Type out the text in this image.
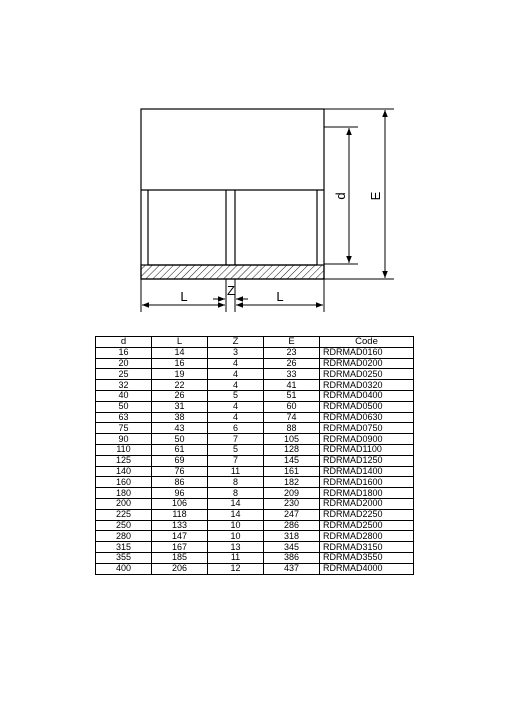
d E
L	Z	L
d	L	Z	E	Code
16	14	3	23	RDRMAD0160
20	16	4	26	RDRMAD0200
25	19	4	33	RDRMAD0250
32	22	4	41	RDRMAD0320
40	26	5	51	RDRMAD0400
50	31	4	60	RDRMAD0500
63	38	4	74	RDRMAD0630
75	43	6	88	RDRMAD0750
90	50	7	105	RDRMAD0900
110	61	5	128	RDRMAD1100
125	69	7	145	RDRMAD1250
140	76	11	161	RDRMAD1400
160	86	8	182	RDRMAD1600
180	96	8	209	RDRMAD1800
200	106	14	230	RDRMAD2000
225	118	14	247	RDRMAD2250
250	133	10	286	RDRMAD2500
280	147	10	318	RDRMAD2800
315	167	13	345	RDRMAD3150
355	185	11	386	RDRMAD3550
400	206	12	437	RDRMAD4000
